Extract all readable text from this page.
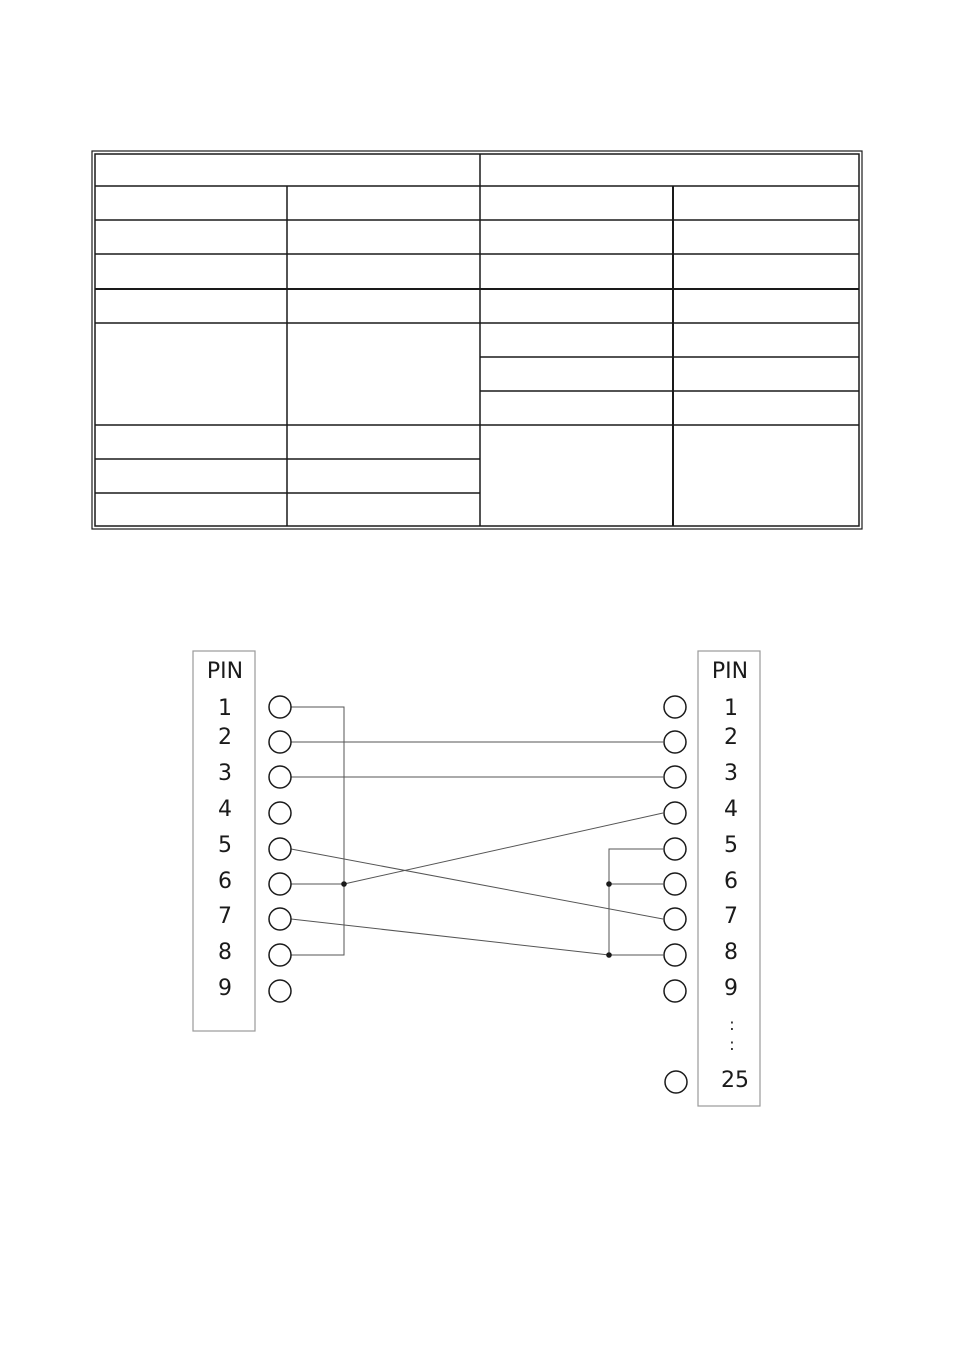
PIN
1
2
3
4
5
6
7
8
9
PIN
1
2
3
4
5
6
7
8
9
:
:
25
